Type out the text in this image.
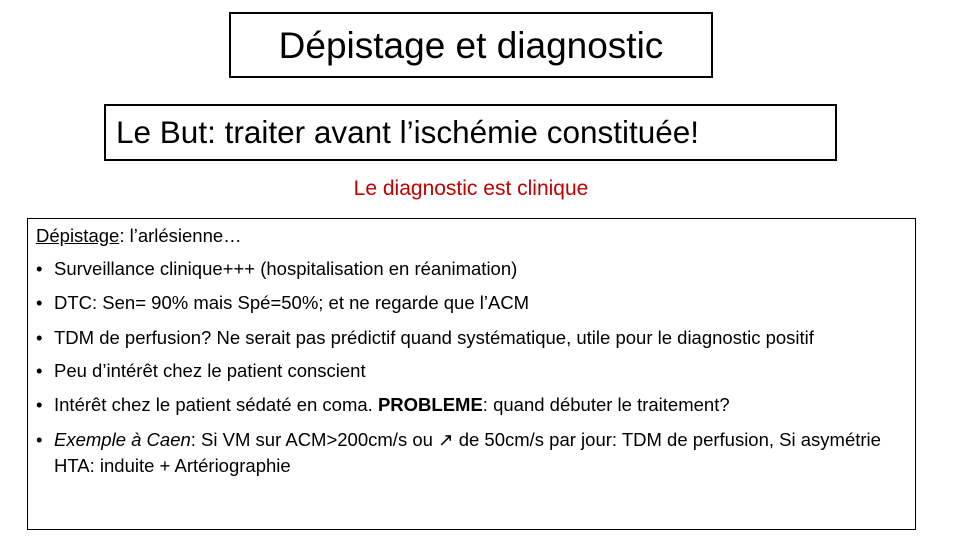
Dépistage et diagnostic
Le But: traiter avant l’ischémie constituée!
Le diagnostic est clinique
Dépistage: l’arlésienne…
• Surveillance clinique+++ (hospitalisation en réanimation)
• DTC: Sen= 90% mais Spé=50%; et ne regarde que l’ACM
• TDM de perfusion? Ne serait pas prédictif quand systématique, utile pour le diagnostic positif
• Peu d’intérêt chez le patient conscient
• Intérêt chez le patient sédaté en coma. PROBLEME: quand débuter le traitement?
• Exemple à Caen: Si VM sur ACM>200cm/s ou ↗ de 50cm/s par jour: TDM de perfusion, Si asymétrie HTA: induite + Artériographie
